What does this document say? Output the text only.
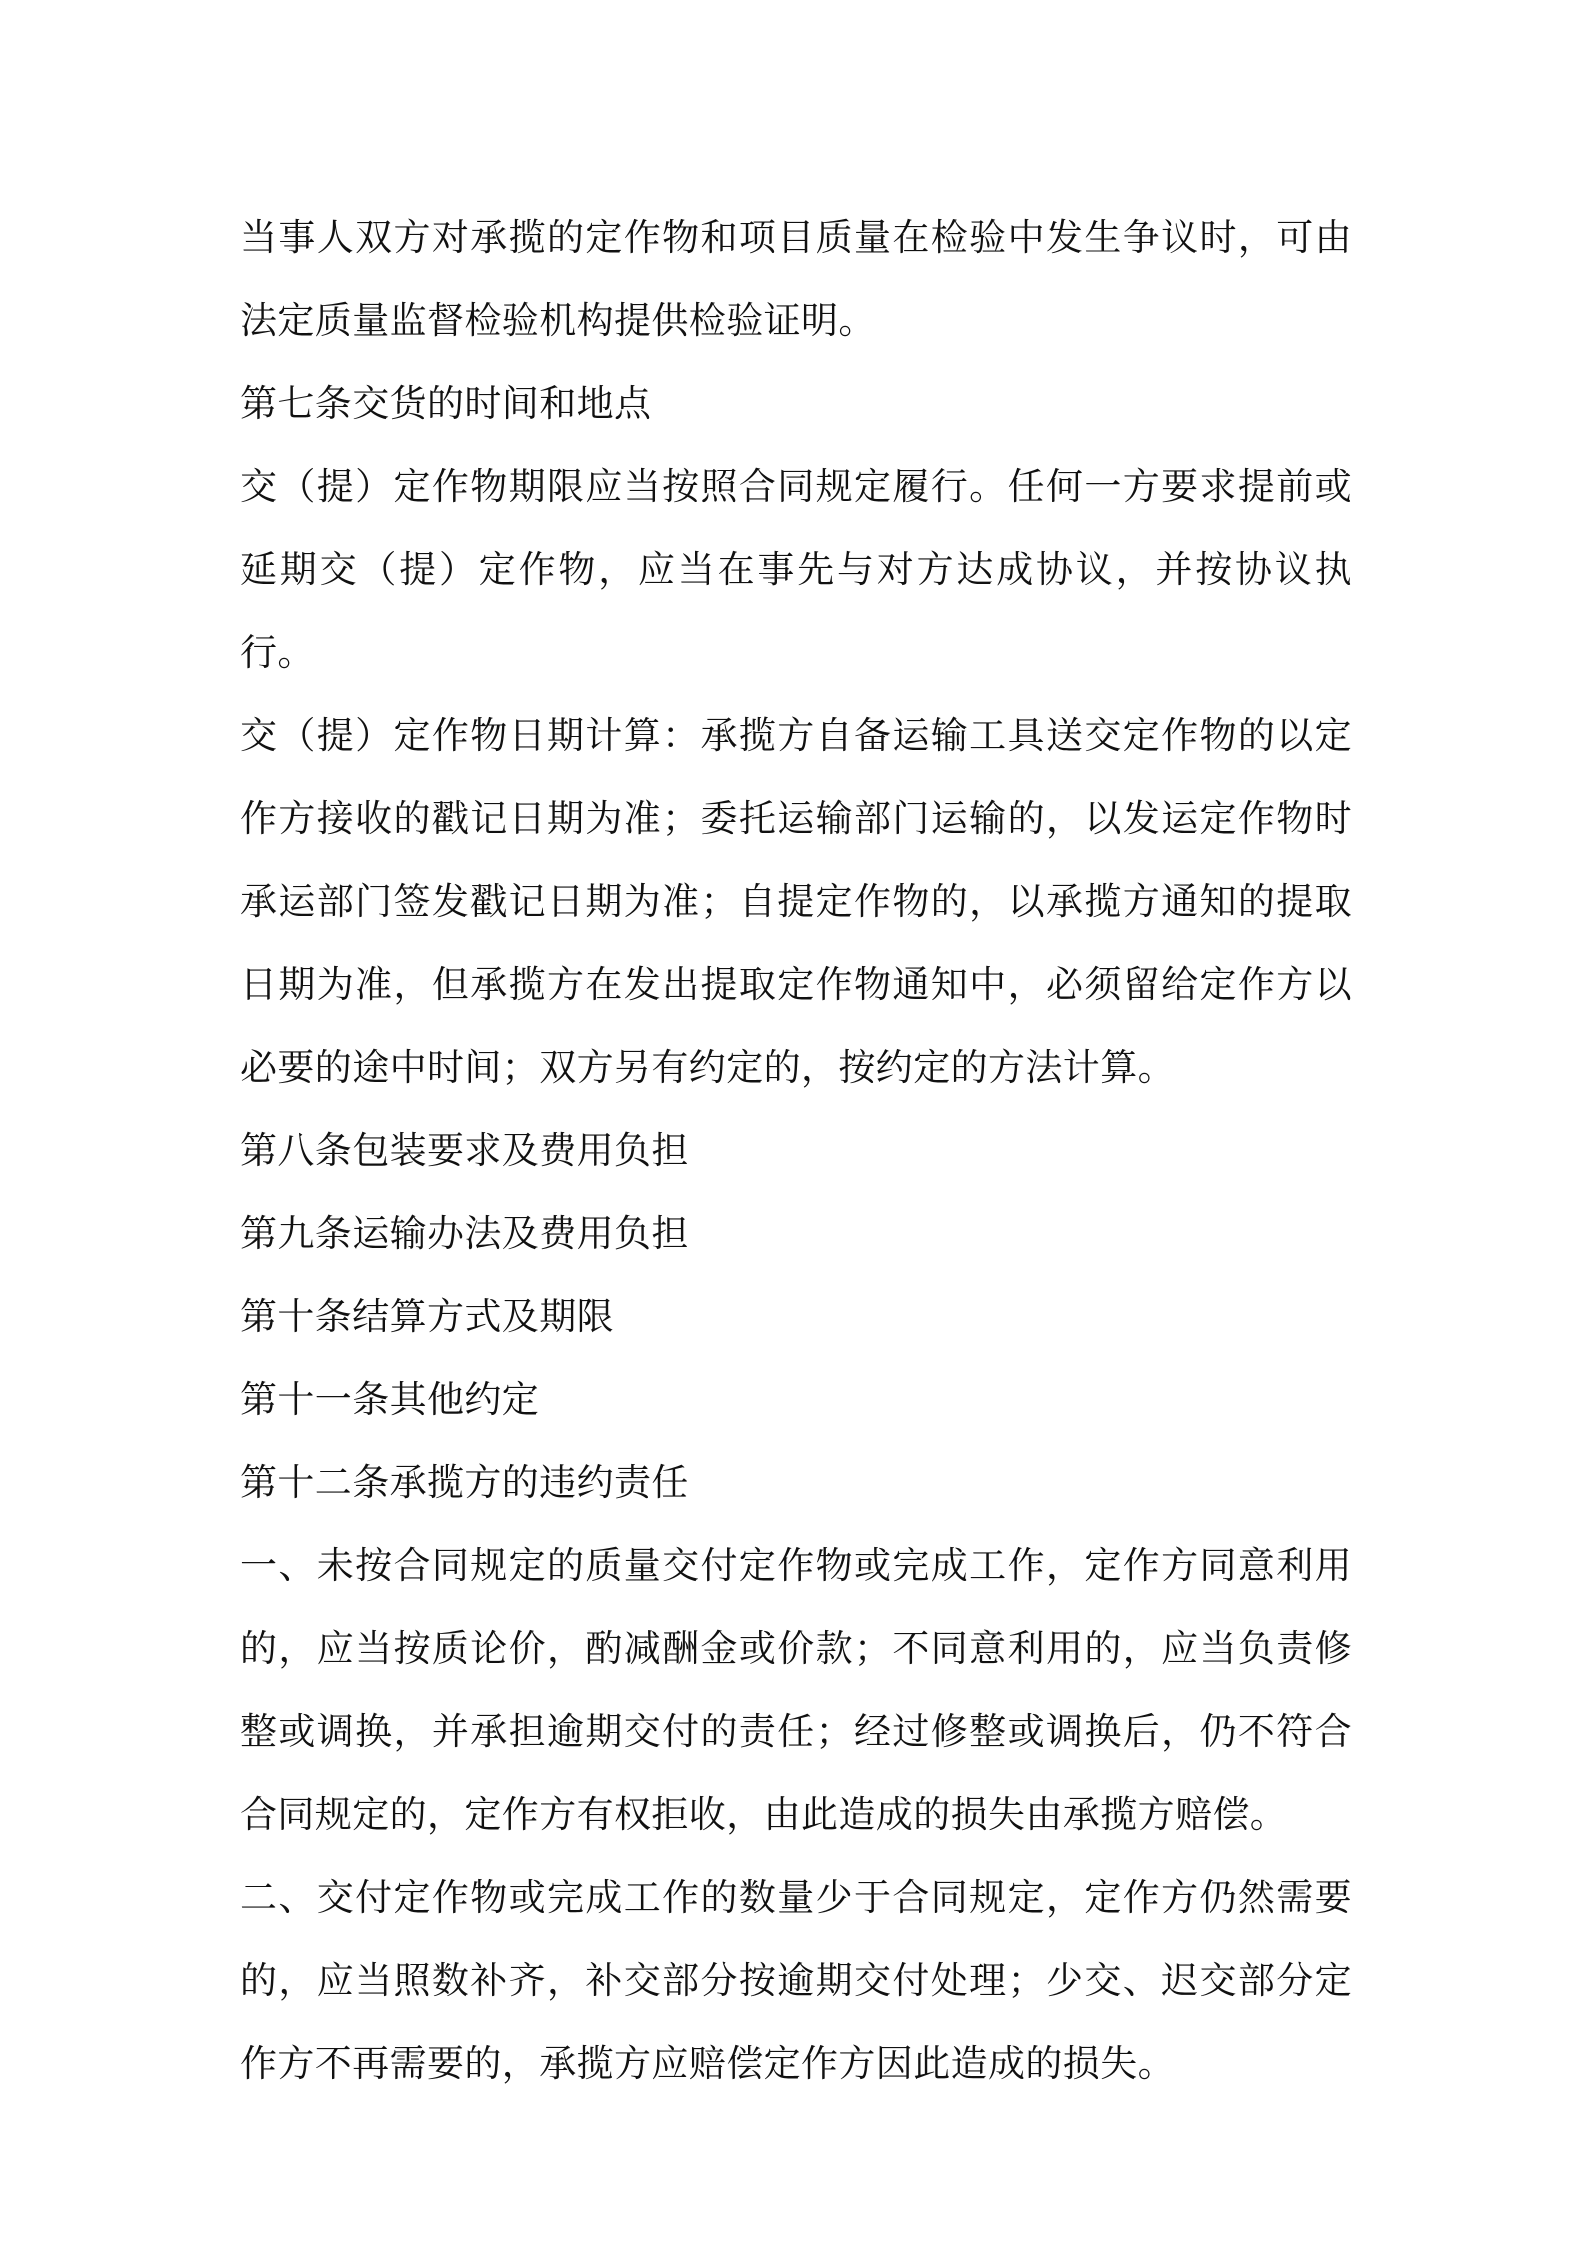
当事人双方对承揽的定作物和项目质量在检验中发生争议时，可由法定质量监督检验机构提供检验证明。

第七条交货的时间和地点

交（提）定作物期限应当按照合同规定履行。任何一方要求提前或延期交（提）定作物，应当在事先与对方达成协议，并按协议执行。

交（提）定作物日期计算：承揽方自备运输工具送交定作物的以定作方接收的戳记日期为准；委托运输部门运输的，以发运定作物时承运部门签发戳记日期为准；自提定作物的，以承揽方通知的提取日期为准，但承揽方在发出提取定作物通知中，必须留给定作方以必要的途中时间；双方另有约定的，按约定的方法计算。

第八条包装要求及费用负担

第九条运输办法及费用负担

第十条结算方式及期限

第十一条其他约定

第十二条承揽方的违约责任

一、未按合同规定的质量交付定作物或完成工作，定作方同意利用的，应当按质论价，酌减酬金或价款；不同意利用的，应当负责修整或调换，并承担逾期交付的责任；经过修整或调换后，仍不符合合同规定的，定作方有权拒收，由此造成的损失由承揽方赔偿。

二、交付定作物或完成工作的数量少于合同规定，定作方仍然需要的，应当照数补齐，补交部分按逾期交付处理；少交、迟交部分定作方不再需要的，承揽方应赔偿定作方因此造成的损失。
